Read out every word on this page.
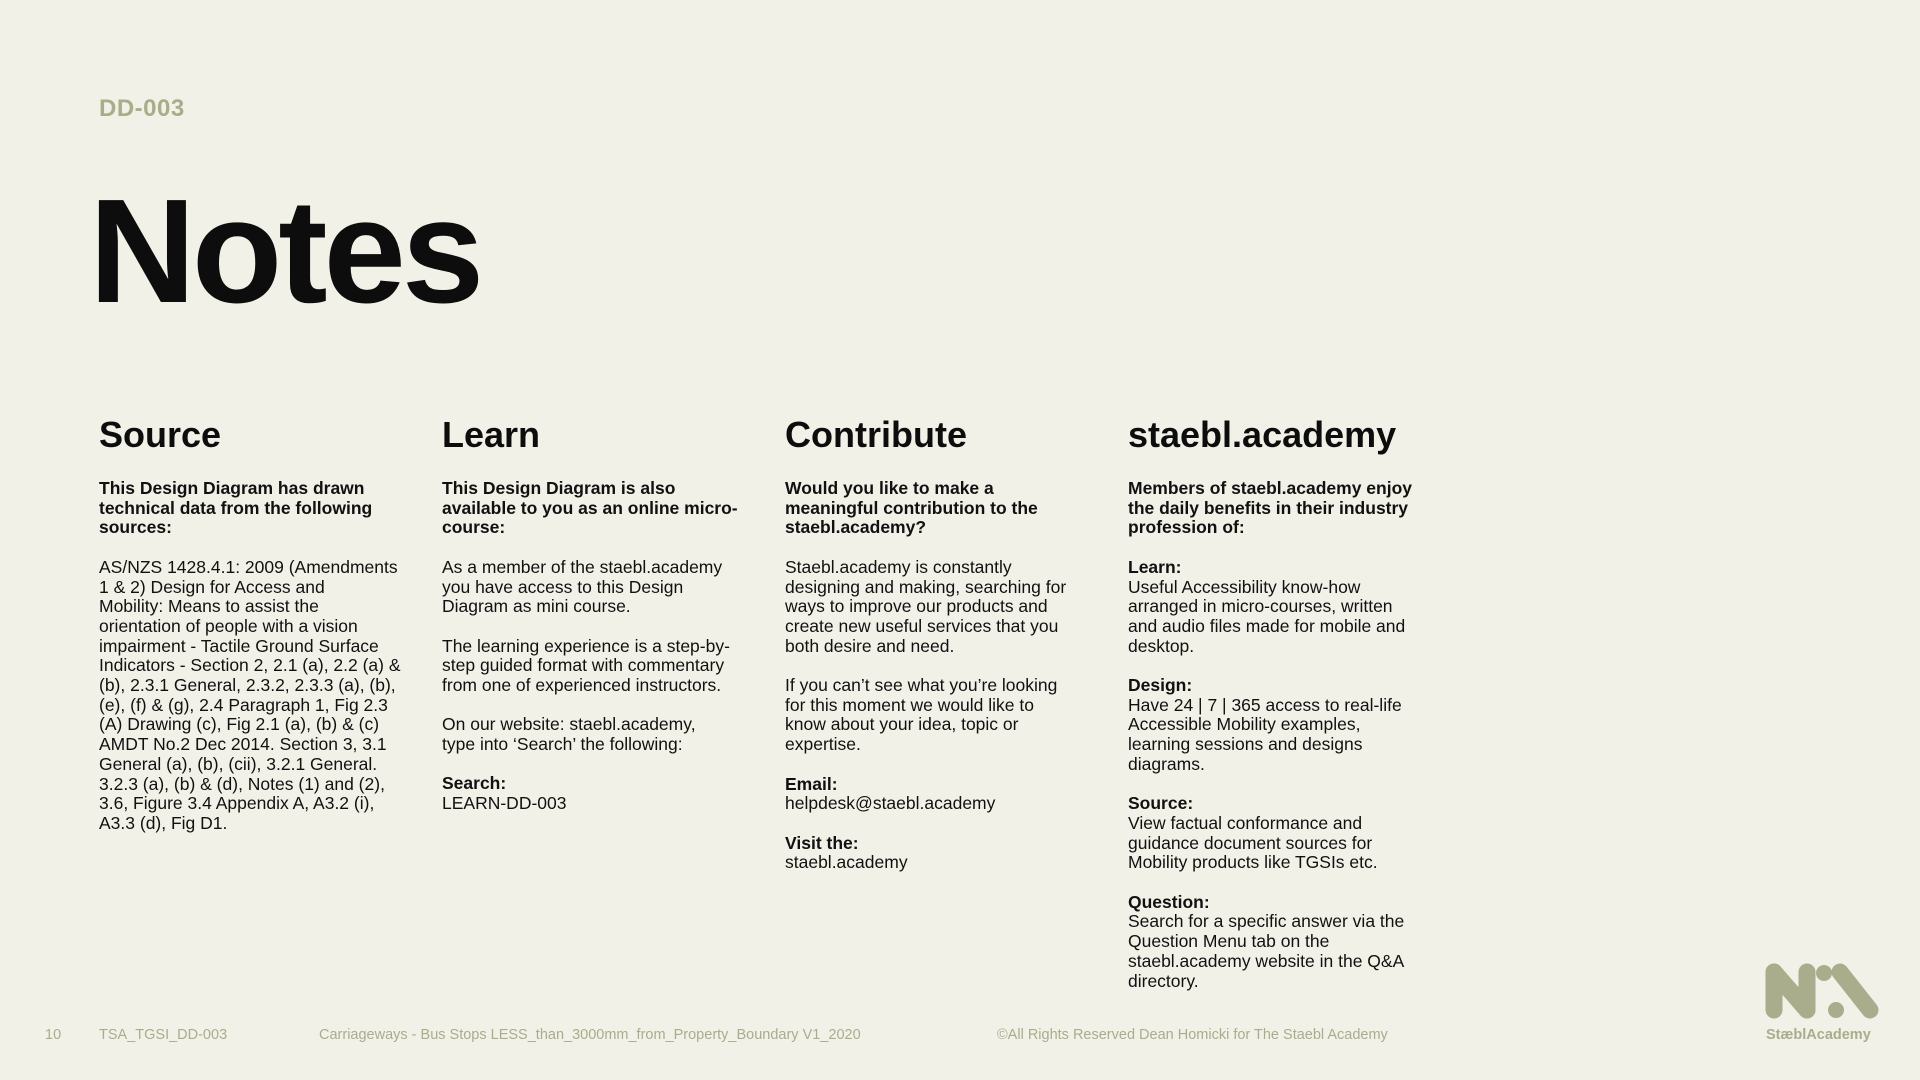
DD-003
Notes
Source

This Design Diagram has drawn
technical data from the following
sources:

AS/NZS 1428.4.1: 2009 (Amendments
1 & 2) Design for Access and
Mobility: Means to assist the
orientation of people with a vision
impairment - Tactile Ground Surface
Indicators - Section 2, 2.1 (a), 2.2 (a) &
(b), 2.3.1 General, 2.3.2, 2.3.3 (a), (b),
(e), (f) & (g), 2.4 Paragraph 1, Fig 2.3
(A) Drawing (c), Fig 2.1 (a), (b) & (c)
AMDT No.2 Dec 2014. Section 3, 3.1
General (a), (b), (cii), 3.2.1 General.
3.2.3 (a), (b) & (d), Notes (1) and (2),
3.6, Figure 3.4 Appendix A, A3.2 (i),
A3.3 (d), Fig D1.

Learn

This Design Diagram is also
available to you as an online micro-
course:

As a member of the staebl.academy
you have access to this Design
Diagram as mini course.

The learning experience is a step-by-
step guided format with commentary
from one of experienced instructors.

On our website: staebl.academy,
type into ‘Search’ the following:

Search:
LEARN-DD-003
Contribute

Would you like to make a
meaningful contribution to the
staebl.academy?

Staebl.academy is constantly
designing and making, searching for
ways to improve our products and
create new useful services that you
both desire and need.

If you can’t see what you’re looking
for this moment we would like to
know about your idea, topic or
expertise.

Email:
helpdesk@staebl.academy
Visit the:
staebl.academy
staebl.academy

Members of staebl.academy enjoy
the daily benefits in their industry
profession of:

Learn:
Useful Accessibility know-how
arranged in micro-courses, written
and audio files made for mobile and
desktop.
Design:
Have 24 | 7 | 365 access to real-life
Accessible Mobility examples,
learning sessions and designs
diagrams.
Source:
View factual conformance and
guidance document sources for
Mobility products like TGSIs etc.
Question:
Search for a specific answer via the
Question Menu tab on the
staebl.academy website in the Q&A
directory.
10	TSA_TGSI_DD-003	Carriageways - Bus Stops LESS_than_3000mm_from_Property_Boundary V1_2020	©All Rights Reserved Dean Homicki for The Staebl Academy	StæblAcademy
